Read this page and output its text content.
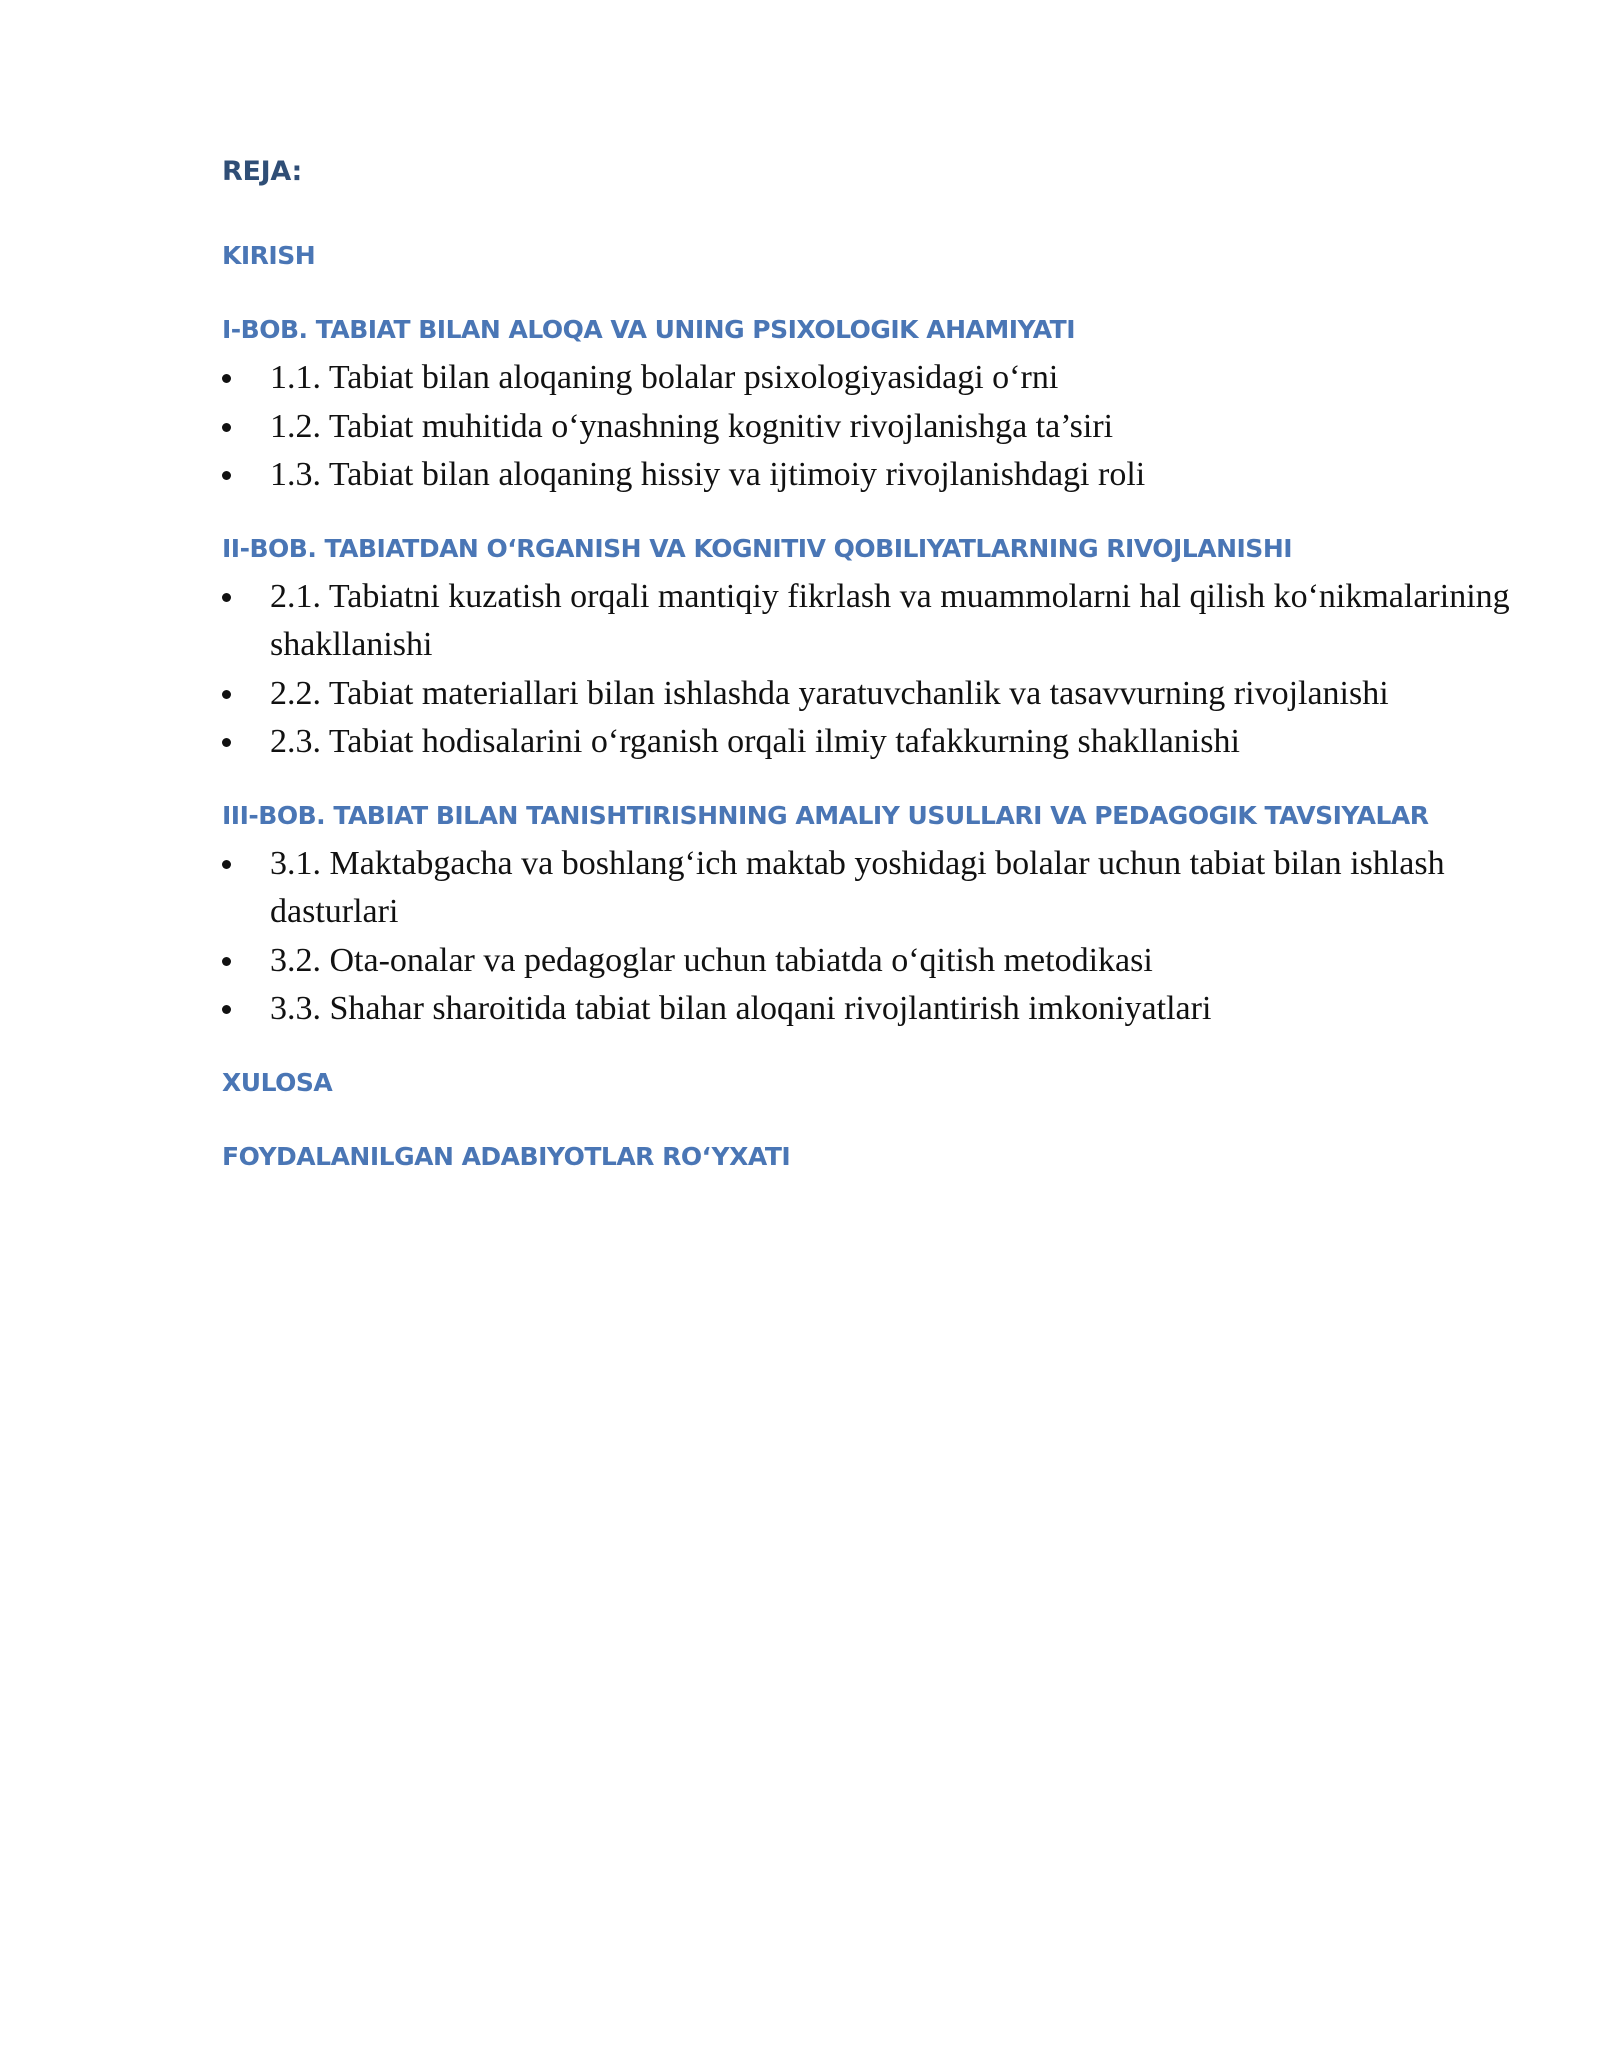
REJA:
KIRISH
I-BOB. TABIAT BILAN ALOQA VA UNING PSIXOLOGIK AHAMIYATI
1.1. Tabiat bilan aloqaning bolalar psixologiyasidagi o‘rni
1.2. Tabiat muhitida o‘ynashning kognitiv rivojlanishga ta’siri
1.3. Tabiat bilan aloqaning hissiy va ijtimoiy rivojlanishdagi roli
II-BOB. TABIATDAN O‘RGANISH VA KOGNITIV QOBILIYATLARNING RIVOJLANISHI
2.1. Tabiatni kuzatish orqali mantiqiy fikrlash va muammolarni hal qilish ko‘nikmalarining shakllanishi
2.2. Tabiat materiallari bilan ishlashda yaratuvchanlik va tasavvurning rivojlanishi
2.3. Tabiat hodisalarini o‘rganish orqali ilmiy tafakkurning shakllanishi
III-BOB. TABIAT BILAN TANISHTIRISHNING AMALIY USULLARI VA PEDAGOGIK TAVSIYALAR
3.1. Maktabgacha va boshlang‘ich maktab yoshidagi bolalar uchun tabiat bilan ishlash dasturlari
3.2. Ota-onalar va pedagoglar uchun tabiatda o‘qitish metodikasi
3.3. Shahar sharoitida tabiat bilan aloqani rivojlantirish imkoniyatlari
XULOSA
FOYDALANILGAN ADABIYOTLAR RO‘YXATI
